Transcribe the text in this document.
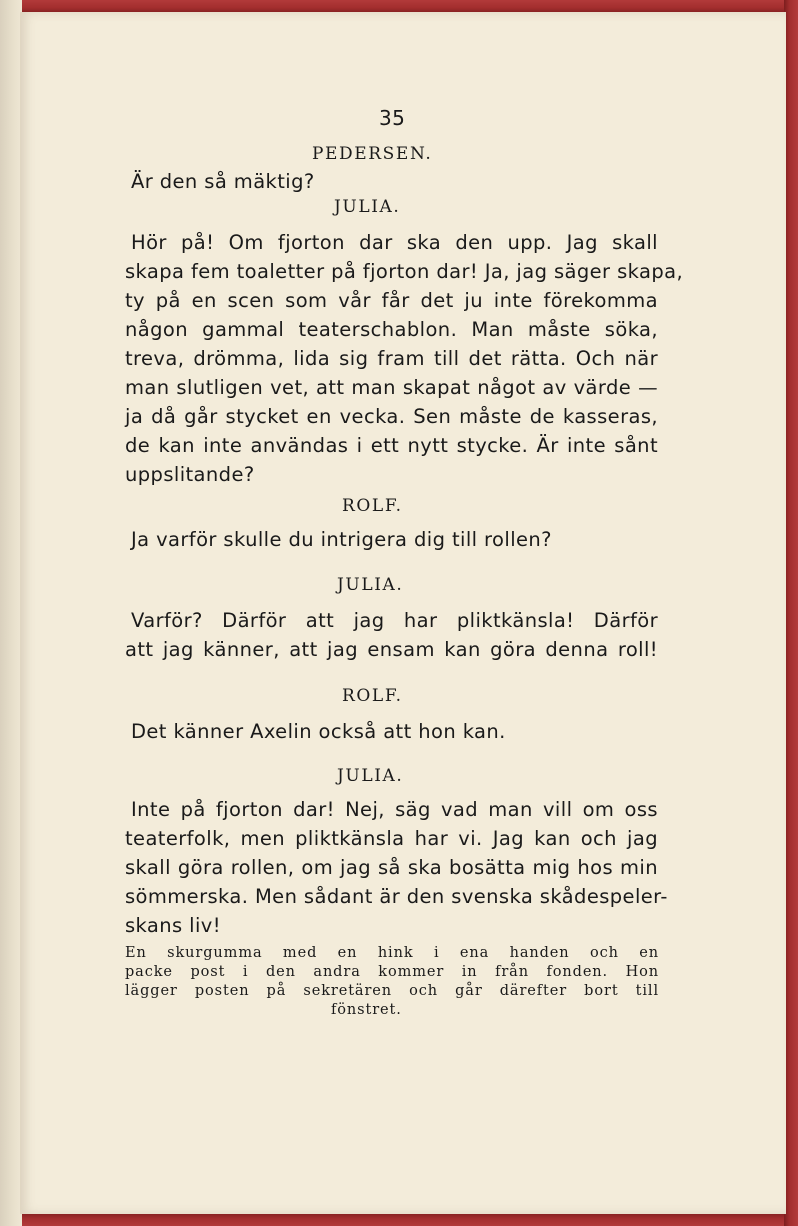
35
PEDERSEN.
Är den så mäktig?
JULIA.
Hör på! Om fjorton dar ska den upp. Jag skall
skapa fem toaletter på fjorton dar! Ja, jag säger skapa,
ty på en scen som vår får det ju inte förekomma
någon gammal teaterschablon. Man måste söka,
treva, drömma, lida sig fram till det rätta. Och när
man slutligen vet, att man skapat något av värde —
ja då går stycket en vecka. Sen måste de kasseras,
de kan inte användas i ett nytt stycke. Är inte sånt
uppslitande?
ROLF.
Ja varför skulle du intrigera dig till rollen?
JULIA.
Varför? Därför att jag har pliktkänsla! Därför
att jag känner, att jag ensam kan göra denna roll!
ROLF.
Det känner Axelin också att hon kan.
JULIA.
Inte på fjorton dar! Nej, säg vad man vill om oss
teaterfolk, men pliktkänsla har vi. Jag kan och jag
skall göra rollen, om jag så ska bosätta mig hos min
sömmerska. Men sådant är den svenska skådespeler-
skans liv!
En skurgumma med en hink i ena handen och en
packe post i den andra kommer in från fonden. Hon
lägger posten på sekretären och går därefter bort till
fönstret.
